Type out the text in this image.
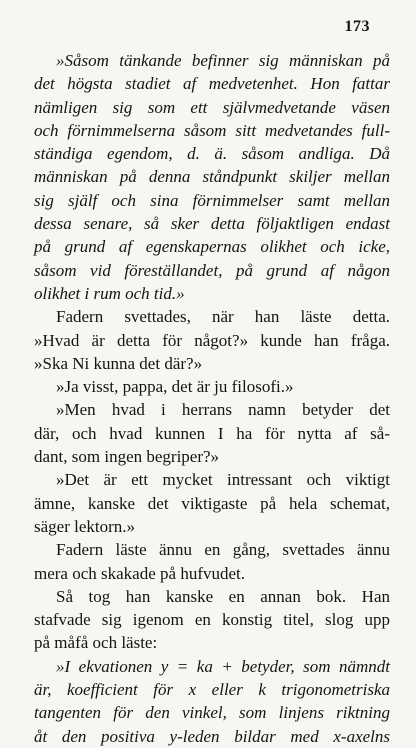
173
»Såsom tänkande befinner sig människan på
det högsta stadiet af medvetenhet. Hon fattar
nämligen sig som ett självmedvetande väsen
och förnimmelserna såsom sitt medvetandes full-
ständiga egendom, d. ä. såsom andliga. Då
människan på denna ståndpunkt skiljer mellan
sig själf och sina förnimmelser samt mellan
dessa senare, så sker detta följaktligen endast
på grund af egenskapernas olikhet och icke,
såsom vid föreställandet, på grund af någon
olikhet i rum och tid.»
Fadern svettades, när han läste detta.
»Hvad är detta för något?» kunde han fråga.
»Ska Ni kunna det där?»
»Ja visst, pappa, det är ju filosofi.»
»Men hvad i herrans namn betyder det
där, och hvad kunnen I ha för nytta af så-
dant, som ingen begriper?»
»Det är ett mycket intressant och viktigt
ämne, kanske det viktigaste på hela schemat,
säger lektorn.»
Fadern läste ännu en gång, svettades ännu
mera och skakade på hufvudet.
Så tog han kanske en annan bok. Han
stafvade sig igenom en konstig titel, slog upp
på måfå och läste:
»I ekvationen y = ka + betyder, som nämndt
är, koefficient för x eller k trigonometriska
tangenten för den vinkel, som linjens riktning
åt den positiva y-leden bildar med x-axelns
